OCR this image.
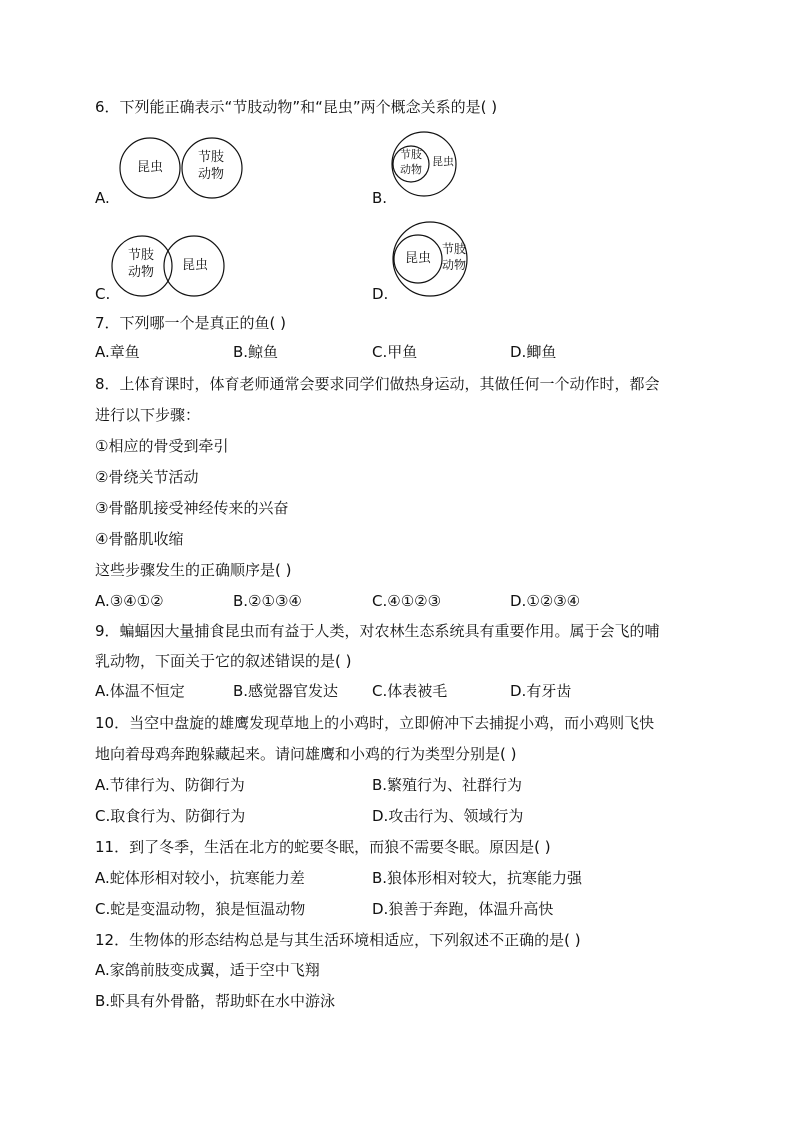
6．下列能正确表示“节肢动物”和“昆虫”两个概念关系的是( )
昆虫
节肢
动物
A.
节肢
动物
昆虫
B.
节肢
动物 昆虫
C.
昆虫
节肢
动物
D.
7．下列哪一个是真正的鱼( )
A.章鱼	B.鲸鱼	C.甲鱼	D.鲫鱼
8．上体育课时，体育老师通常会要求同学们做热身运动，其做任何一个动作时，都会
进行以下步骤：
①相应的骨受到牵引
②骨绕关节活动
③骨骼肌接受神经传来的兴奋
④骨骼肌收缩
这些步骤发生的正确顺序是( )
A.③④①②	B.②①③④	C.④①②③	D.①②③④
9．蝙蝠因大量捕食昆虫而有益于人类，对农林生态系统具有重要作用。属于会飞的哺
乳动物，下面关于它的叙述错误的是( )
A.体温不恒定	B.感觉器官发达 C.体表被毛	D.有牙齿
10．当空中盘旋的雄鹰发现草地上的小鸡时，立即俯冲下去捕捉小鸡，而小鸡则飞快
地向着母鸡奔跑躲藏起来。请问雄鹰和小鸡的行为类型分别是( )
A.节律行为、防御行为	B.繁殖行为、社群行为
C.取食行为、防御行为	D.攻击行为、领域行为
11．到了冬季，生活在北方的蛇要冬眠，而狼不需要冬眠。原因是( )
A.蛇体形相对较小，抗寒能力差	B.狼体形相对较大，抗寒能力强
C.蛇是变温动物，狼是恒温动物	D.狼善于奔跑，体温升高快
12．生物体的形态结构总是与其生活环境相适应，下列叙述不正确的是( )
A.家鸽前肢变成翼，适于空中飞翔
B.虾具有外骨骼，帮助虾在水中游泳
